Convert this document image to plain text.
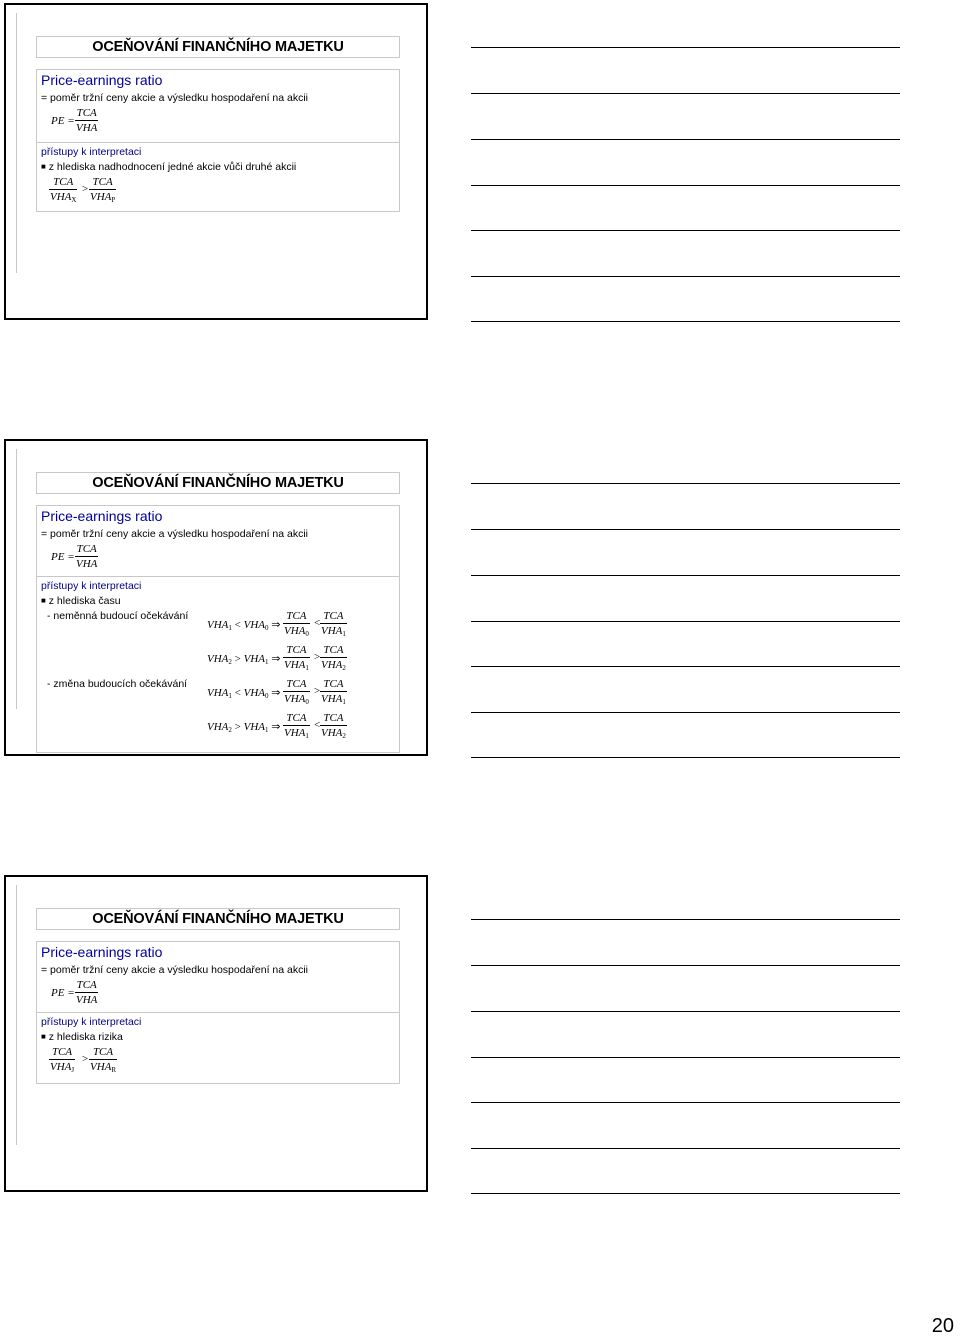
OCEŇOVÁNÍ FINANČNÍHO MAJETKU
Price-earnings ratio
= poměr tržní ceny akcie a výsledku hospodaření na akcii
PE =
TCA
VHA
přístupy k interpretaci
■ z hlediska nadhodnocení jedné akcie vůči druhé akcii
TCA
$VHA_X$
>
TCA
$VHA_P$
OCEŇOVÁNÍ FINANČNÍHO MAJETKU
Price-earnings ratio
= poměr tržní ceny akcie a výsledku hospodaření na akcii
PE =
TCA
VHA
přístupy k interpretaci
■ z hlediska času
- neměnná budoucí očekávání
- změna budoucích očekávání
$VHA_1 < VHA_0$ ⇒
TCA
$VHA_0$
<
TCA
$VHA_1$
$VHA_2 > VHA_1$ ⇒
TCA
$VHA_1$
>
TCA
$VHA_2$
$VHA_1 < VHA_0$ ⇒
TCA
$VHA_0$
>
TCA
$VHA_1$
$VHA_2 > VHA_1$ ⇒
TCA
$VHA_1$
<
TCA
$VHA_2$
OCEŇOVÁNÍ FINANČNÍHO MAJETKU
Price-earnings ratio
= poměr tržní ceny akcie a výsledku hospodaření na akcii
PE =
TCA
VHA
přístupy k interpretaci
■ z hlediska rizika
TCA
$VHA_J$
>
TCA
$VHA_R$
20
